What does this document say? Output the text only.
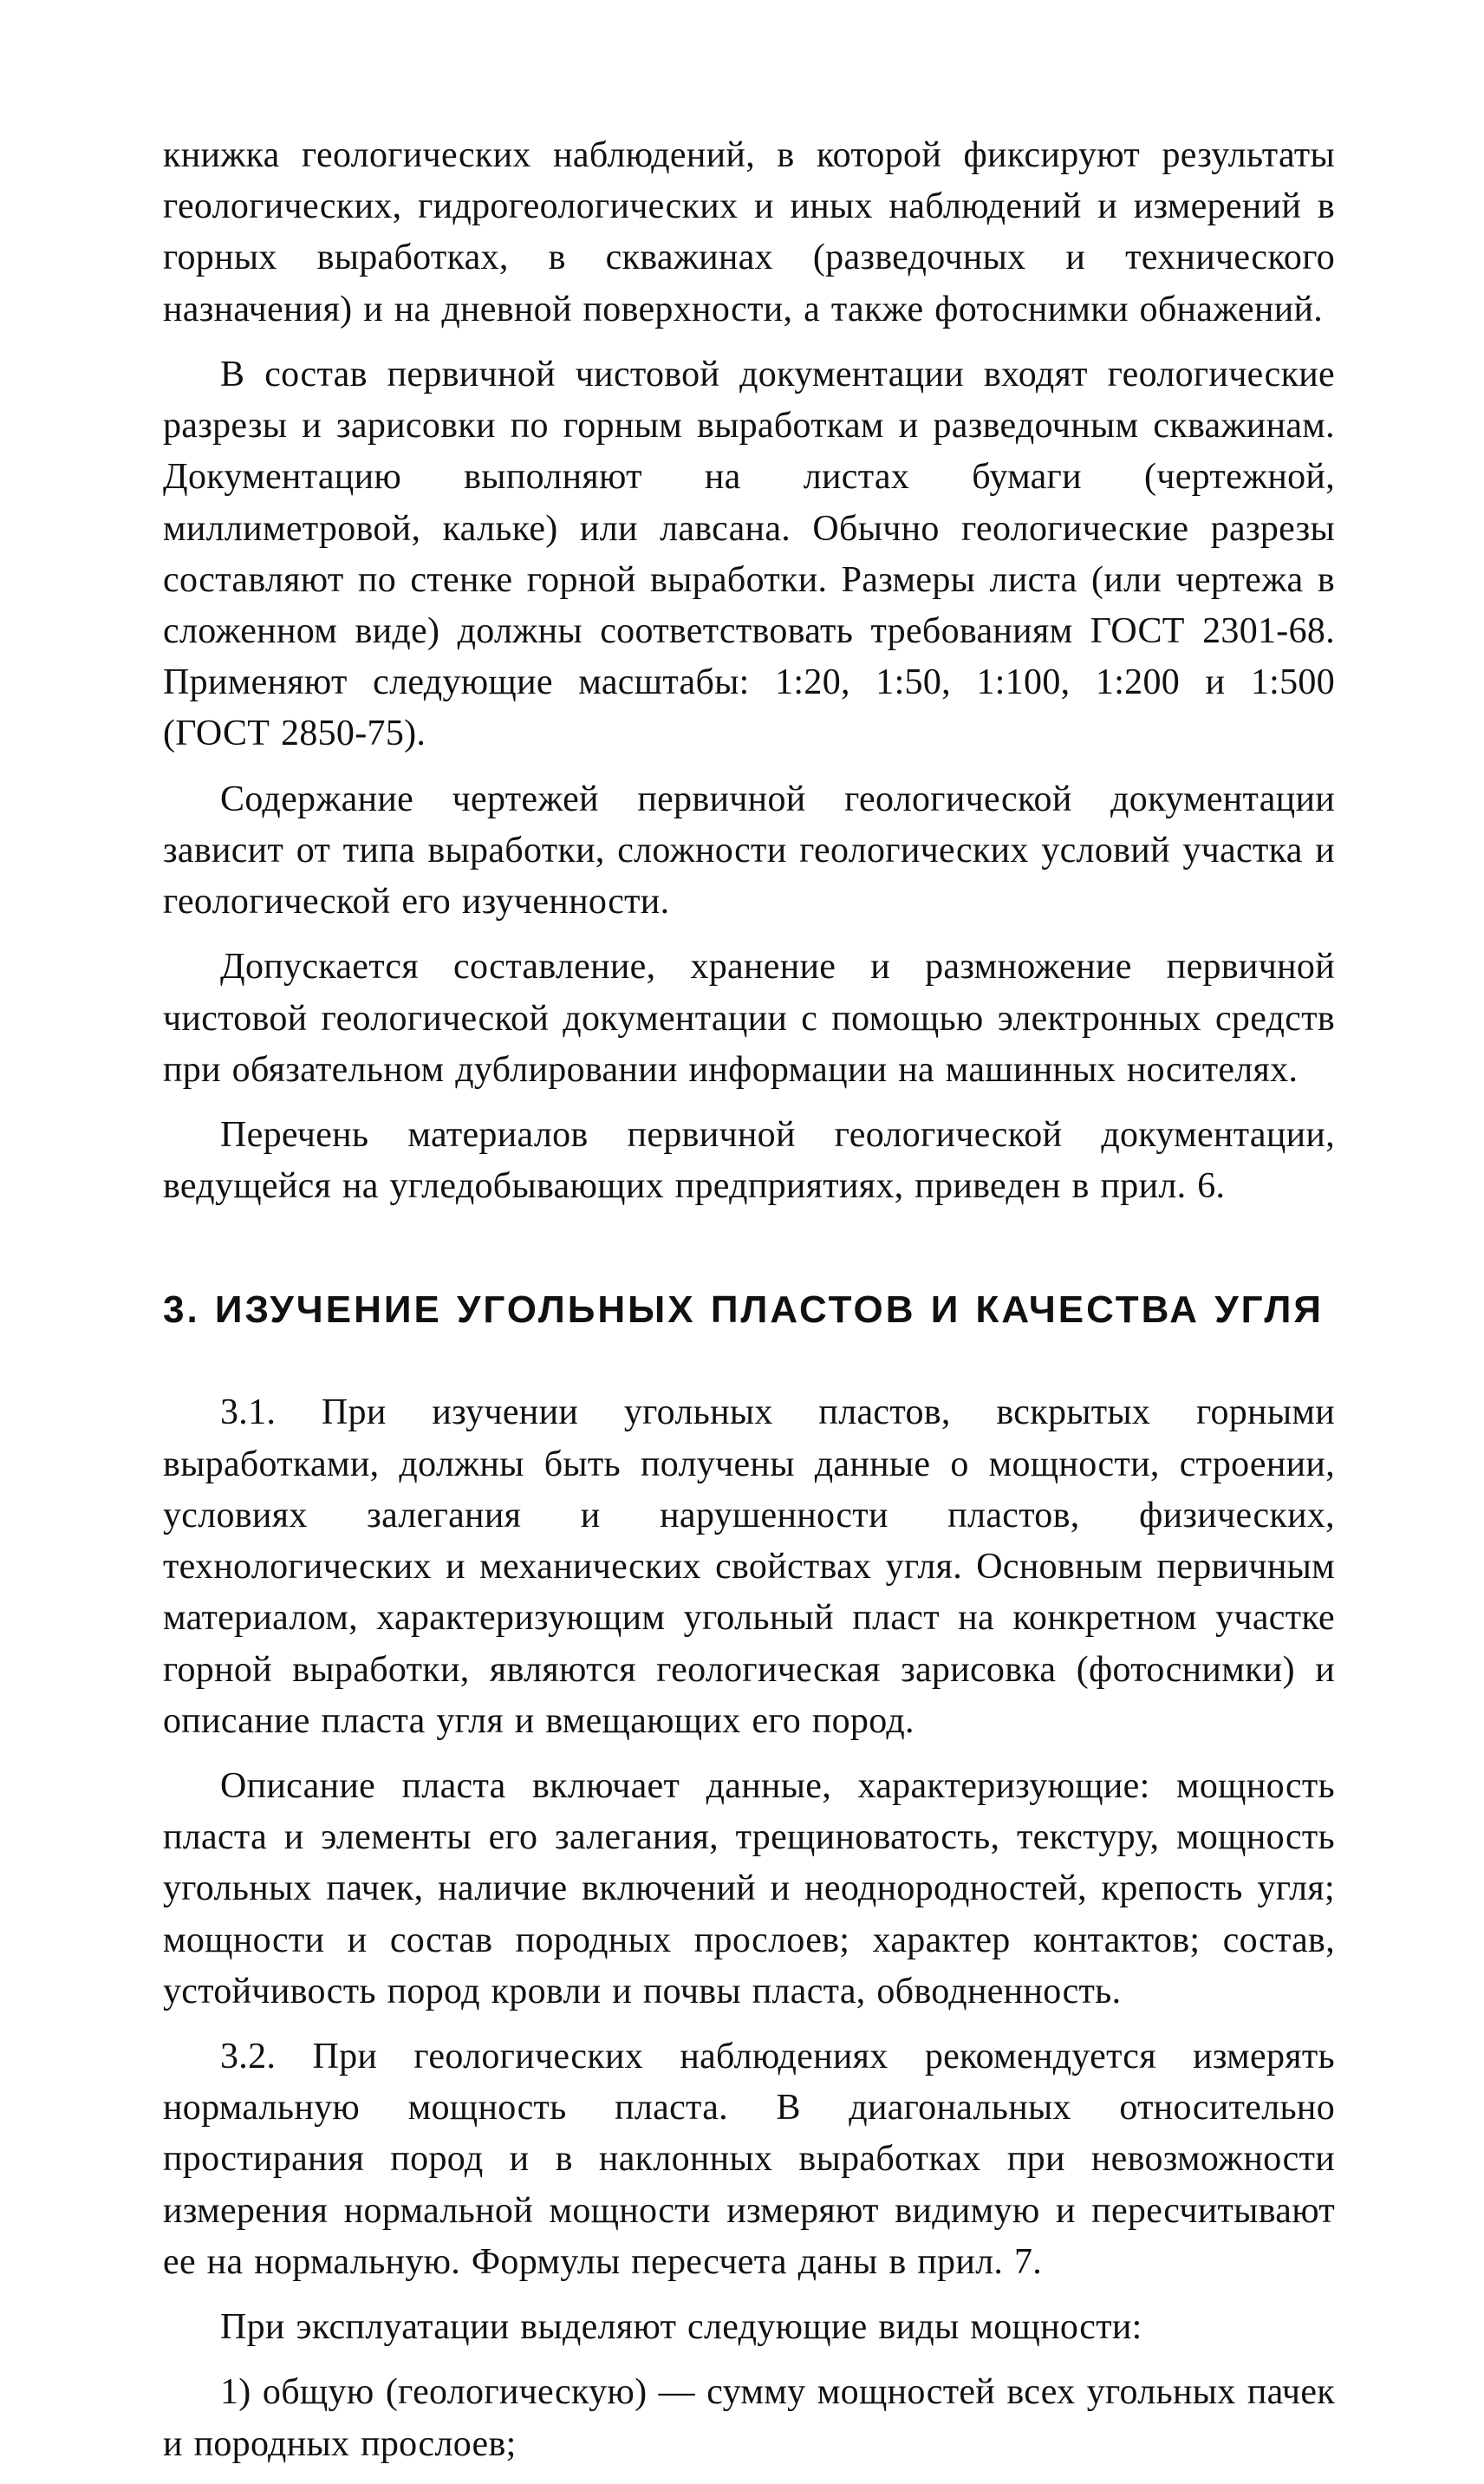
книжка геологических наблюдений, в которой фиксируют результаты геологических, гидрогеологических и иных наблюдений и измерений в горных выработках, в скважинах (разведочных и технического назначения) и на дневной поверхности, а также фотоснимки обнажений.

В состав первичной чистовой документации входят геологические разрезы и зарисовки по горным выработкам и разведочным скважинам. Документацию выполняют на листах бумаги (чертежной, миллиметровой, кальке) или лавсана. Обычно геологические разрезы составляют по стенке горной выработки. Размеры листа (или чертежа в сложенном виде) должны соответствовать требованиям ГОСТ 2301-68. Применяют следующие масштабы: 1:20, 1:50, 1:100, 1:200 и 1:500 (ГОСТ 2850-75).

Содержание чертежей первичной геологической документации зависит от типа выработки, сложности геологических условий участка и геологической его изученности.

Допускается составление, хранение и размножение первичной чистовой геологической документации с помощью электронных средств при обязательном дублировании информации на машинных носителях.

Перечень материалов первичной геологической документации, ведущейся на угледобывающих предприятиях, приведен в прил. 6.

3. ИЗУЧЕНИЕ УГОЛЬНЫХ ПЛАСТОВ И КАЧЕСТВА УГЛЯ

3.1. При изучении угольных пластов, вскрытых горными выработками, должны быть получены данные о мощности, строении, условиях залегания и нарушенности пластов, физических, технологических и механических свойствах угля. Основным первичным материалом, характеризующим угольный пласт на конкретном участке горной выработки, являются геологическая зарисовка (фотоснимки) и описание пласта угля и вмещающих его пород.

Описание пласта включает данные, характеризующие: мощность пласта и элементы его залегания, трещиноватость, текстуру, мощность угольных пачек, наличие включений и неоднородностей, крепость угля; мощности и состав породных прослоев; характер контактов; состав, устойчивость пород кровли и почвы пласта, обводненность.

3.2. При геологических наблюдениях рекомендуется измерять нормальную мощность пласта. В диагональных относительно простирания пород и в наклонных выработках при невозможности измерения нормальной мощности измеряют видимую и пересчитывают ее на нормальную. Формулы пересчета даны в прил. 7.

При эксплуатации выделяют следующие виды мощности:

1) общую (геологическую) — сумму мощностей всех угольных пачек и породных прослоев;
